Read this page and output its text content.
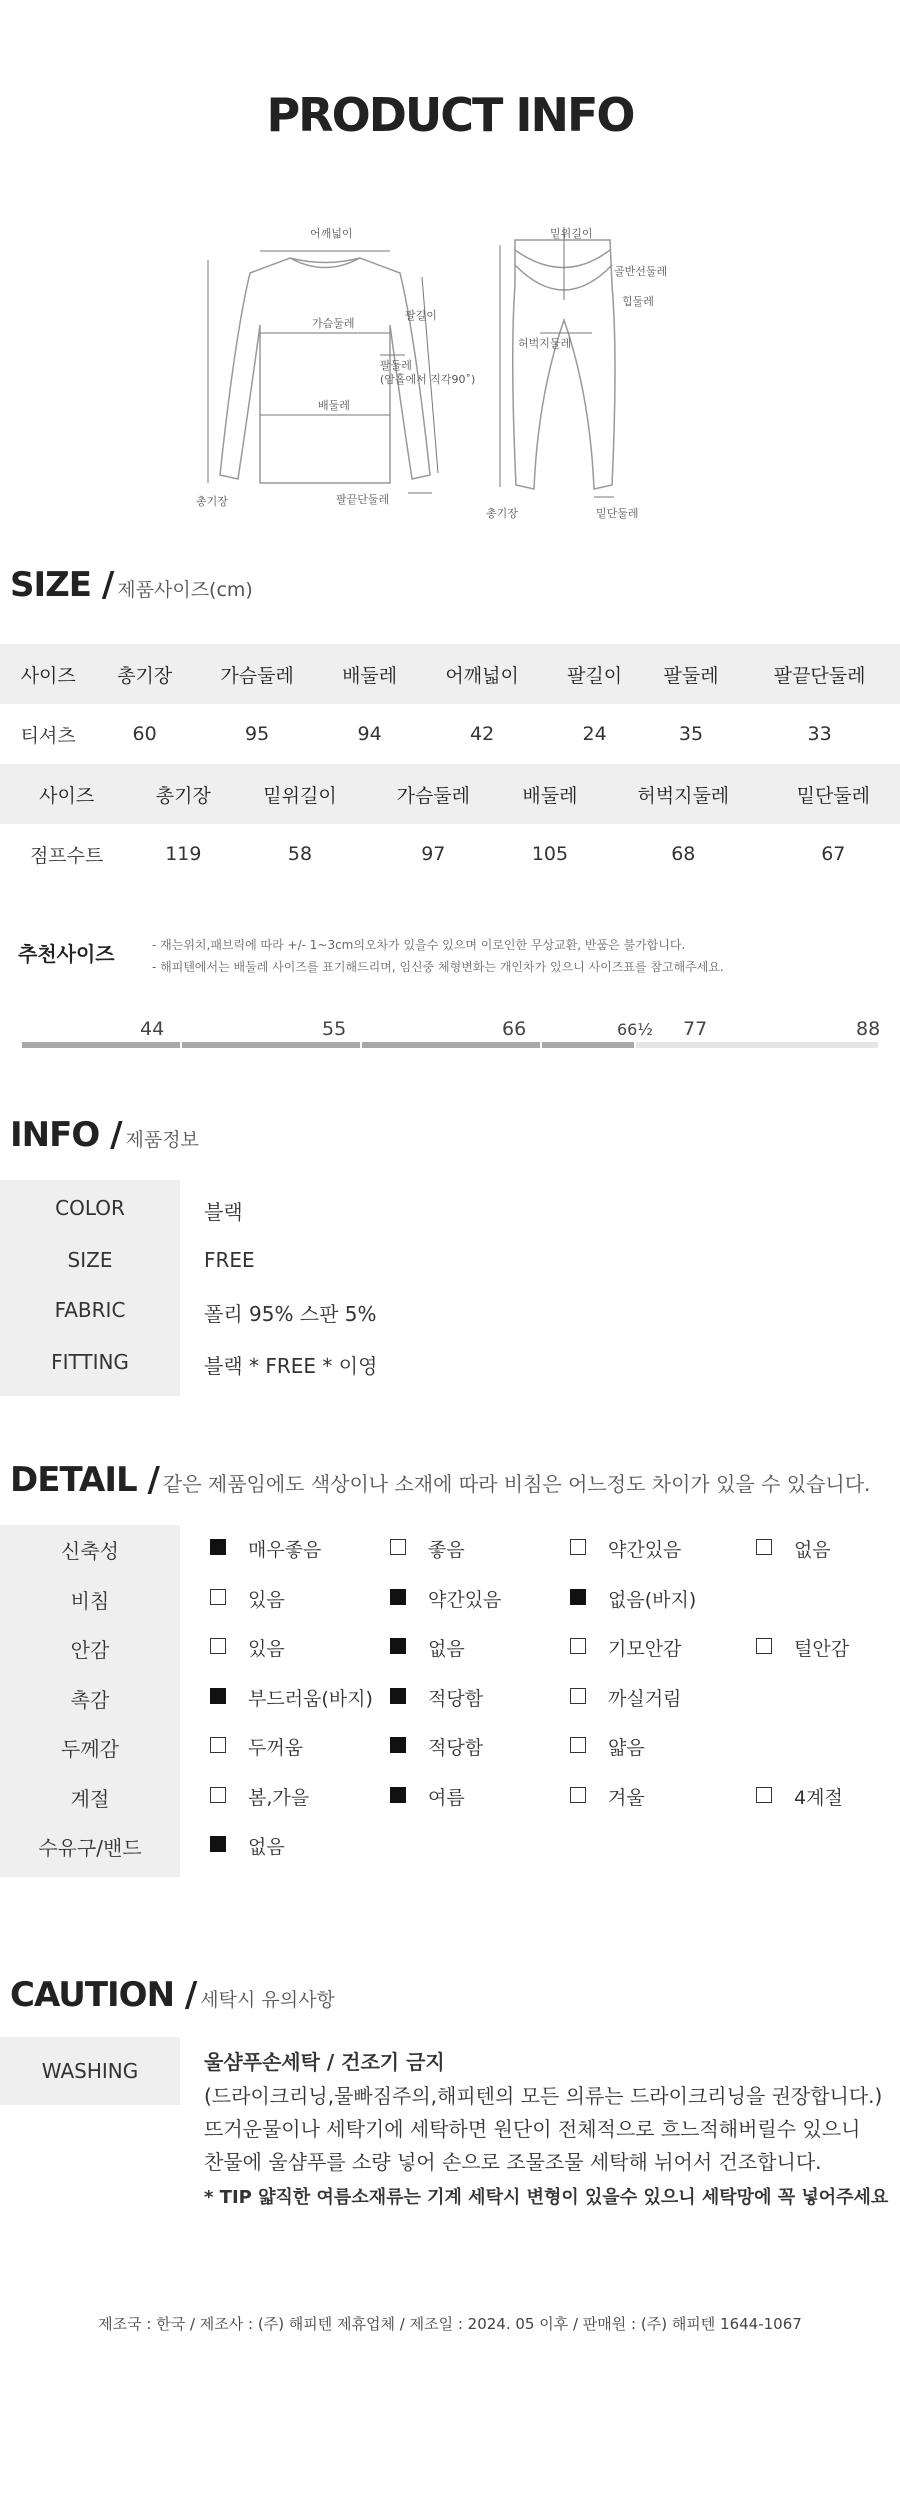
PRODUCT INFO
어깨넓이
팔길이
가슴둘레
팔둘레
(암홀에서 직각90˚)
배둘레
총기장	팔끝단둘레
밑위길이
골반선둘레
힙둘레
허벅지둘레
총기장	밑단둘레
SIZE / 제품사이즈(cm)
사이즈	총기장	가슴둘레	배둘레	어깨넓이	팔길이	팔둘레	팔끝단둘레
티셔츠	60	95	94	42	24	35	33
사이즈	총기장	밑위길이	가슴둘레	배둘레	허벅지둘레	밑단둘레
점프수트	119	58	97	105	68	67
추천사이즈	- 재는위치,패브릭에 따라 +/- 1~3cm의오차가 있을수 있으며 이로인한 무상교환, 반품은 불가합니다.
- 해피텐에서는 배둘레 사이즈를 표기해드리며, 임신중 체형변화는 개인차가 있으니 사이즈표를 참고해주세요.
44	55	66	66½ 77	88
INFO / 제품정보
COLOR	블랙
SIZE	FREE
FABRIC	폴리 95% 스판 5%
FITTING	블랙 * FREE * 이영
DETAIL / 같은 제품임에도 색상이나 소재에 따라 비침은 어느정도 차이가 있을 수 있습니다.
신축성	매우좋음	좋음	약간있음	없음
비침	있음	약간있음	없음(바지)
안감	있음	없음	기모안감	털안감
촉감	부드러움(바지)	적당함	까실거림
두께감	두꺼움	적당함	얇음
계절	봄,가을	여름	겨울	4계절
수유구/밴드	없음
CAUTION / 세탁시 유의사항
WASHING	울샴푸손세탁 / 건조기 금지
(드라이크리닝,물빠짐주의,해피텐의 모든 의류는 드라이크리닝을 권장합니다.)
뜨거운물이나 세탁기에 세탁하면 원단이 전체적으로 흐느적해버릴수 있으니
찬물에 울샴푸를 소량 넣어 손으로 조물조물 세탁해 뉘어서 건조합니다.
* TIP 얇직한 여름소재류는 기계 세탁시 변형이 있을수 있으니 세탁망에 꼭 넣어주세요
제조국 : 한국 / 제조사 : (주) 해피텐 제휴업체 / 제조일 : 2024. 05 이후 / 판매원 : (주) 해피텐 1644-1067
